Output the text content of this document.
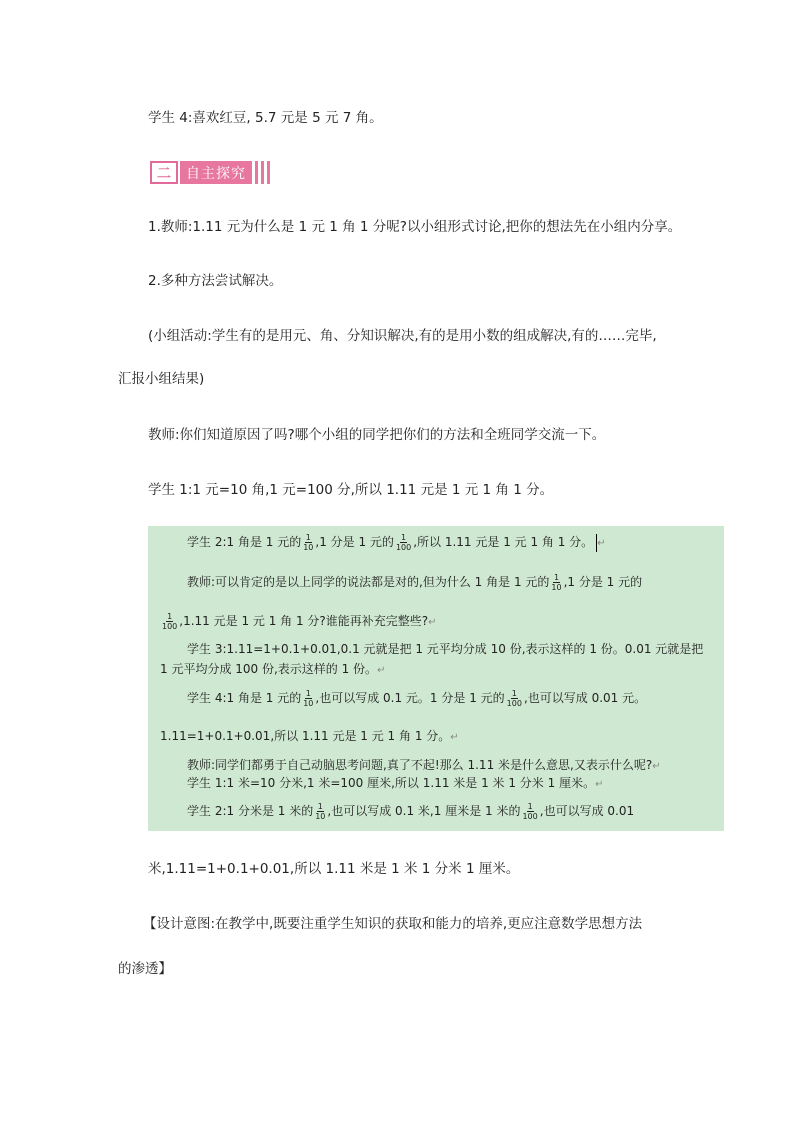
学生 4:喜欢红豆, 5.7 元是 5 元 7 角。
二	自主探究
1.教师:1.11 元为什么是 1 元 1 角 1 分呢?以小组形式讨论,把你的想法先在小组内分享。
2.多种方法尝试解决。
(小组活动:学生有的是用元、角、分知识解决,有的是用小数的组成解决,有的……完毕,
汇报小组结果)
教师:你们知道原因了吗?哪个小组的同学把你们的方法和全班同学交流一下。
学生 1:1 元=10 角,1 元=100 分,所以 1.11 元是 1 元 1 角 1 分。
学生 2:1 角是 1 元的 $\frac{1}{10} ,1$ 分是 1 元的 $\frac{1}{100}$ ,所以 1.11 元是 1 元 1 角 1 分。 ↵
教师:可以肯定的是以上同学的说法都是对的,但为什么 1 角是 1 元的 $\frac{1}{10} ,1$ 分是 1 元的
$\frac{1}{100} ,1.11$ 元是 1 元 1 角 1 分?谁能再补充完整些?↵
学生 3:1.11=1+0.1+0.01,0.1 元就是把 1 元平均分成 10 份,表示这样的 1 份。0.01 元就是把
1 元平均分成 100 份,表示这样的 1 份。↵
学生 4:1 角是 1 元的 $\frac{1}{10}$ ,也可以写成 0.1 元。1 分是 1 元的 $\frac{1}{100}$ ,也可以写成 0.01 元。
1.11=1+0.1+0.01,所以 1.11 元是 1 元 1 角 1 分。↵
教师:同学们都勇于自己动脑思考问题,真了不起!那么 1.11 米是什么意思,又表示什么呢?↵
学生 1:1 米=10 分米,1 米=100 厘米,所以 1.11 米是 1 米 1 分米 1 厘米。↵
学生 2:1 分米是 1 米的 $\frac{1}{10}$ ,也可以写成 0.1 米,1 厘米是 1 米的 $\frac{1}{100}$ ,也可以写成 0.01
米,1.11=1+0.1+0.01,所以 1.11 米是 1 米 1 分米 1 厘米。
【设计意图:在教学中,既要注重学生知识的获取和能力的培养,更应注意数学思想方法
的渗透】
